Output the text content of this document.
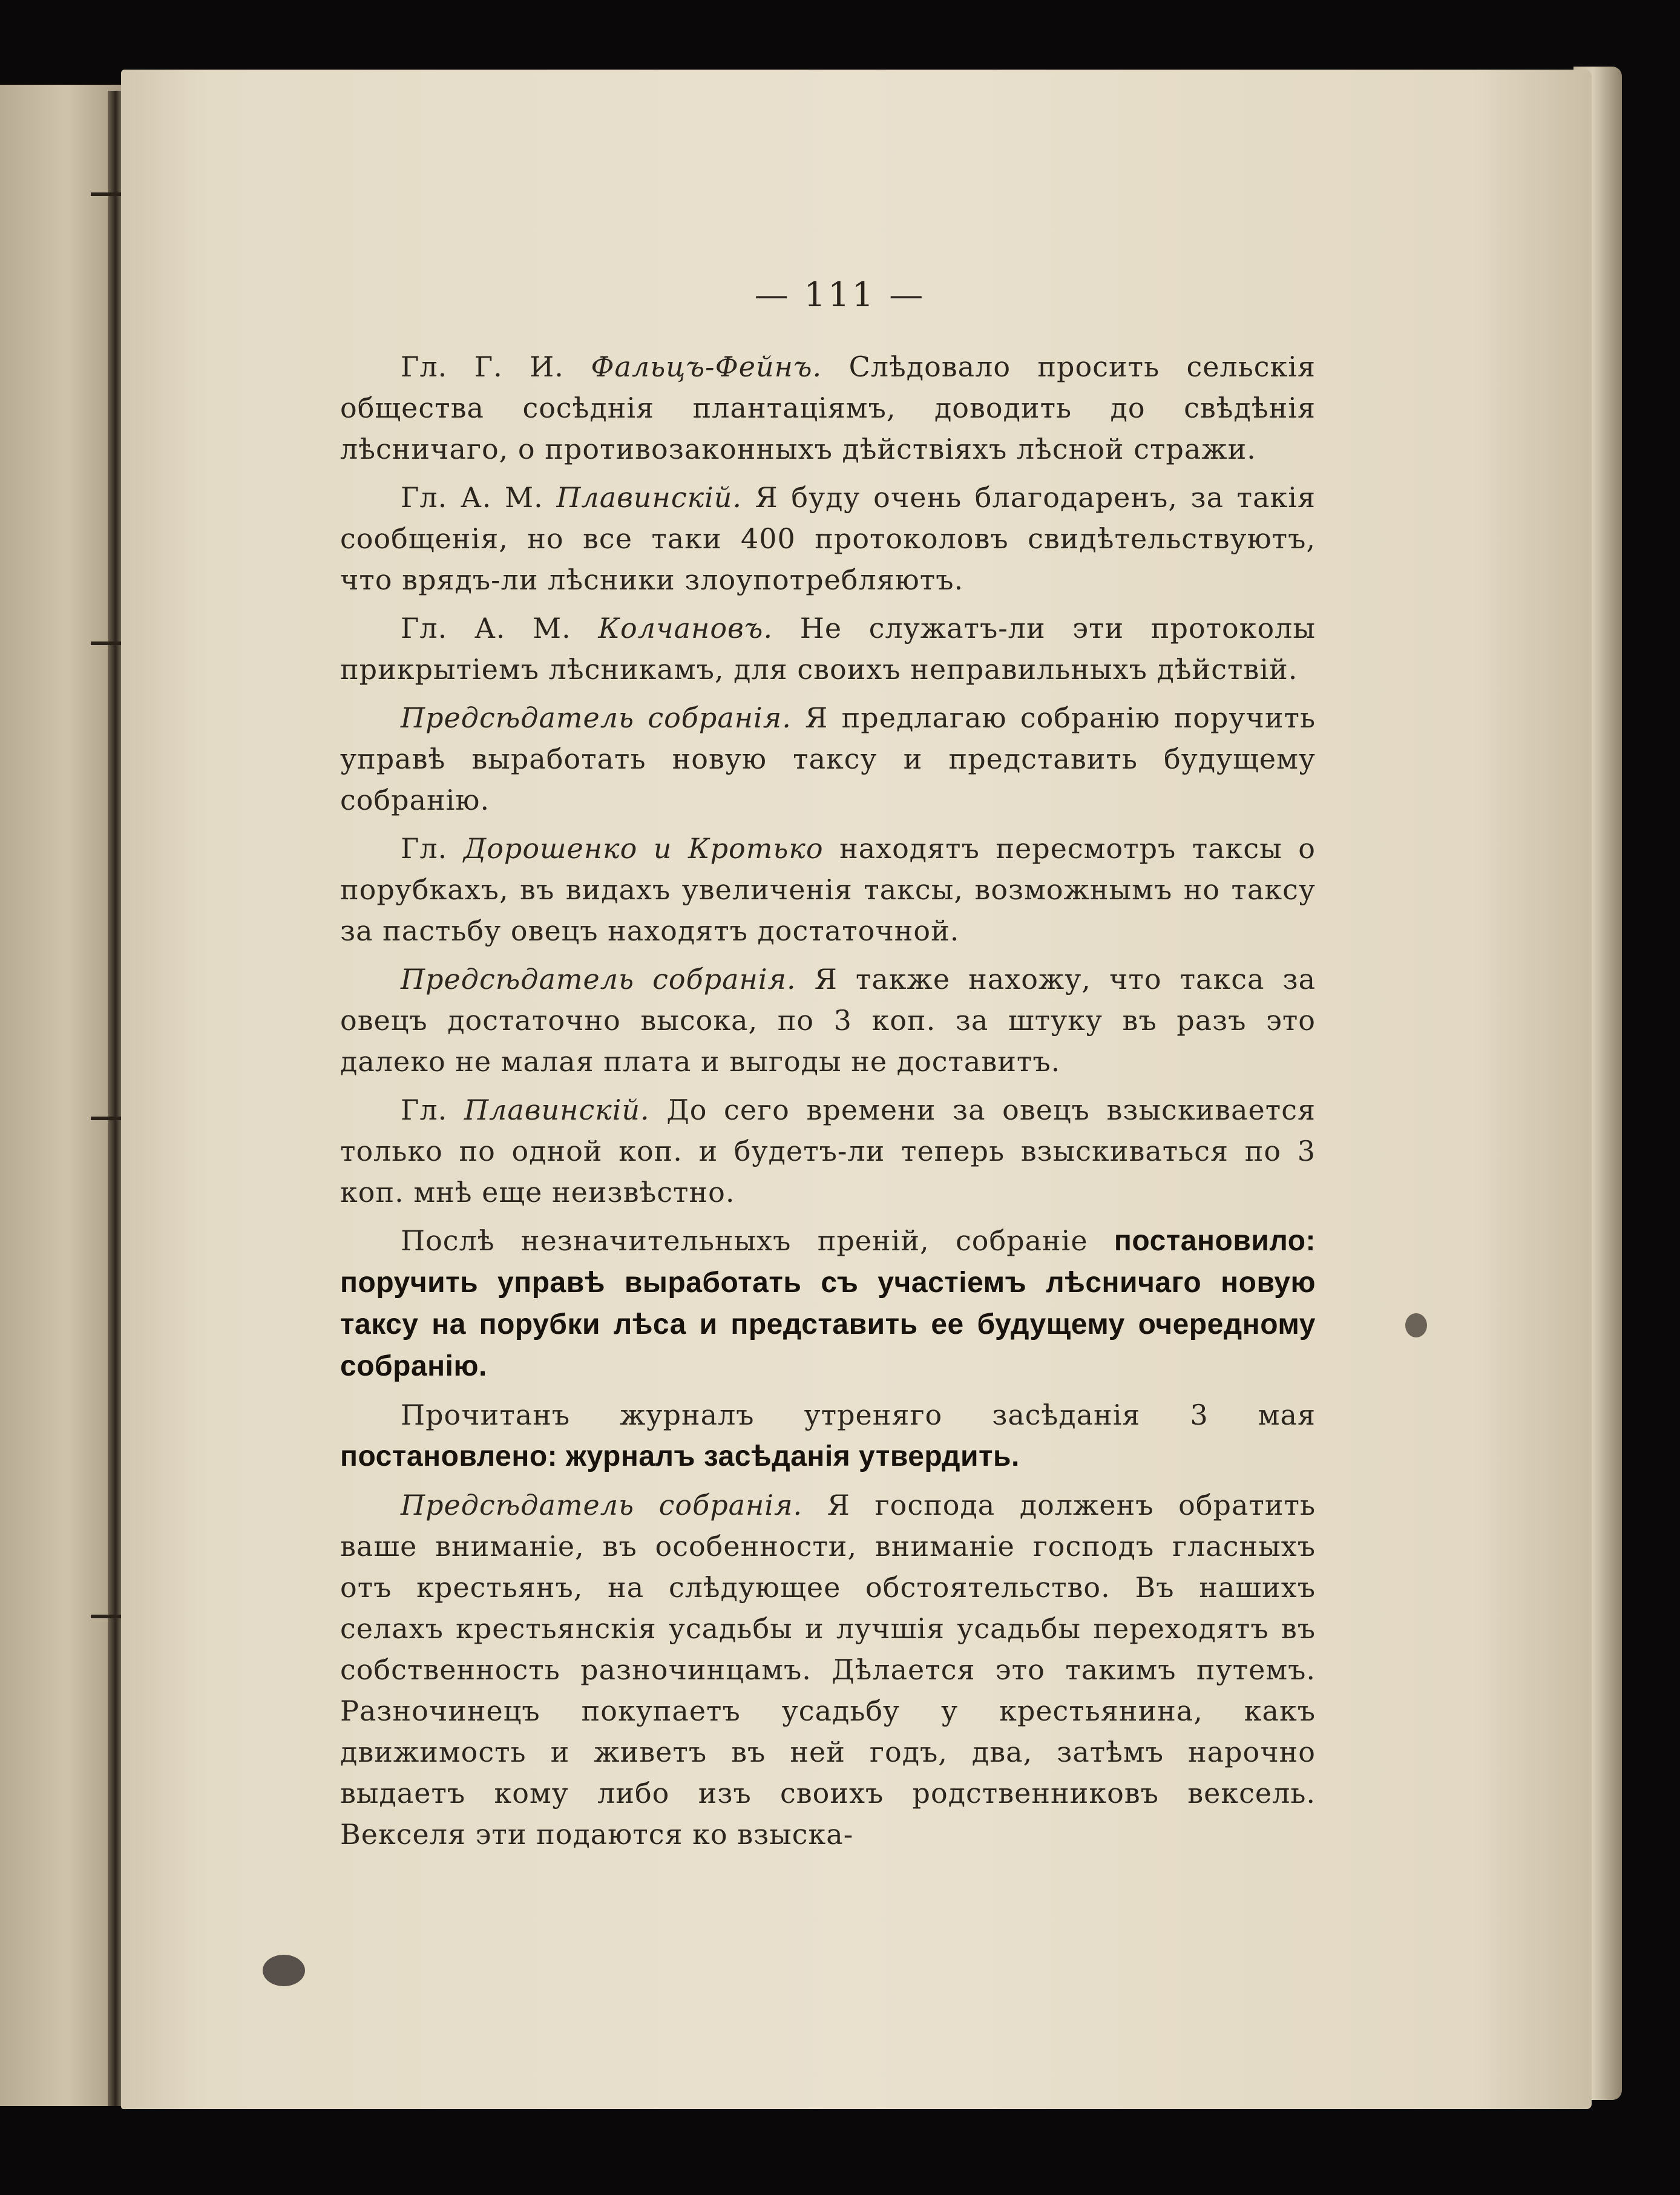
— 111 —

Гл. Г. И. Фальцъ-Фейнъ. Слѣдовало просить сельскія общества сосѣднія плантаціямъ, доводить до свѣдѣнія лѣсничаго, о противозаконныхъ дѣйствіяхъ лѣсной стражи.

Гл. А. М. Плавинскій. Я буду очень благодаренъ, за такія сообщенія, но все таки 400 протоколовъ свидѣтельствуютъ, что врядъ-ли лѣсники злоупотребляютъ.

Гл. А. М. Колчановъ. Не служатъ-ли эти протоколы прикрытіемъ лѣсникамъ, для своихъ неправильныхъ дѣйствій.

Предсѣдатель собранія. Я предлагаю собранію поручить управѣ выработать новую таксу и представить будущему собранію.

Гл. Дорошенко и Кротько находятъ пересмотръ таксы о порубкахъ, въ видахъ увеличенія таксы, возможнымъ но таксу за пастьбу овецъ находятъ достаточной.

Предсѣдатель собранія. Я также нахожу, что такса за овецъ достаточно высока, по 3 коп. за штуку въ разъ это далеко не малая плата и выгоды не доставитъ.

Гл. Плавинскій. До сего времени за овецъ взыскивается только по одной коп. и будетъ-ли теперь взыскиваться по 3 коп. мнѣ еще неизвѣстно.

Послѣ незначительныхъ преній, собраніе постановило: поручить управѣ выработать съ участіемъ лѣсничаго новую таксу на порубки лѣса и представить ее будущему очередному собранію.

Прочитанъ журналъ утреняго засѣданія 3 мая постановлено: журналъ засѣданія утвердить.

Предсѣдатель собранія. Я господа долженъ обратить ваше вниманіе, въ особенности, вниманіе господъ гласныхъ отъ крестьянъ, на слѣдующее обстоятельство. Въ нашихъ селахъ крестьянскія усадьбы и лучшія усадьбы переходятъ въ собственность разночинцамъ. Дѣлается это такимъ путемъ. Разночинецъ покупаетъ усадьбу у крестьянина, какъ движимость и живетъ въ ней годъ, два, затѣмъ нарочно выдаетъ кому либо изъ своихъ родственниковъ вексель. Векселя эти подаются ко взыска-
